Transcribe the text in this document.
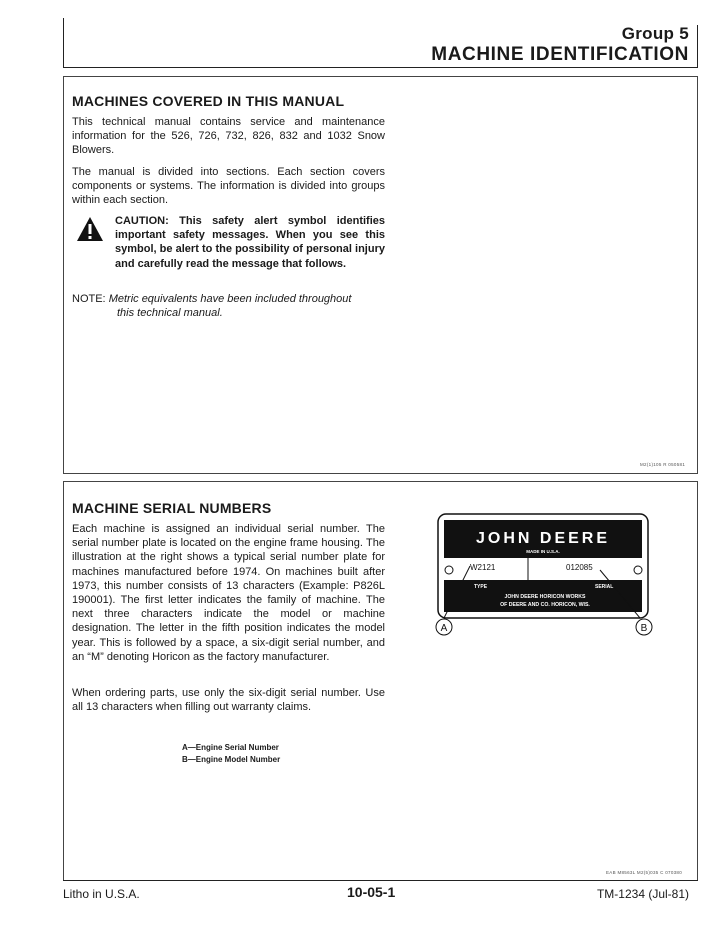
Group 5
MACHINE IDENTIFICATION
MACHINES COVERED IN THIS MANUAL

This technical manual contains service and maintenance information for the 526, 726, 732, 826, 832 and 1032 Snow Blowers.

The manual is divided into sections. Each section covers components or systems. The information is divided into groups within each section.

CAUTION: This safety alert symbol identifies important safety messages. When you see this symbol, be alert to the possibility of personal injury and carefully read the message that follows.
NOTE: Metric equivalents have been included throughout
this technical manual.
M2(1)105 R 050581
MACHINE SERIAL NUMBERS

Each machine is assigned an individual serial number. The serial number plate is located on the engine frame housing. The illustration at the right shows a typical serial number plate for machines manufactured before 1974. On machines built after 1973, this number consists of 13 characters (Example: P826L 190001). The first letter indicates the family of machine. The next three characters indicate the model or machine designation. The letter in the fifth position indicates the model year. This is followed by a space, a six-digit serial number, and an “M” denoting Horicon as the factory manufacturer.

When ordering parts, use only the six-digit serial number. Use all 13 characters when filling out warranty claims.

A—Engine Serial Number
B—Engine Model Number
EAB M8563L M2(5)035 C 070380
JOHN DEERE
MADE IN U.S.A.
W2121	012085
TYPE	SERIAL
JOHN DEERE HORICON WORKS
OF DEERE AND CO. HORICON, WIS.
A	B
Litho in U.S.A.	10-05-1	TM-1234 (Jul-81)
